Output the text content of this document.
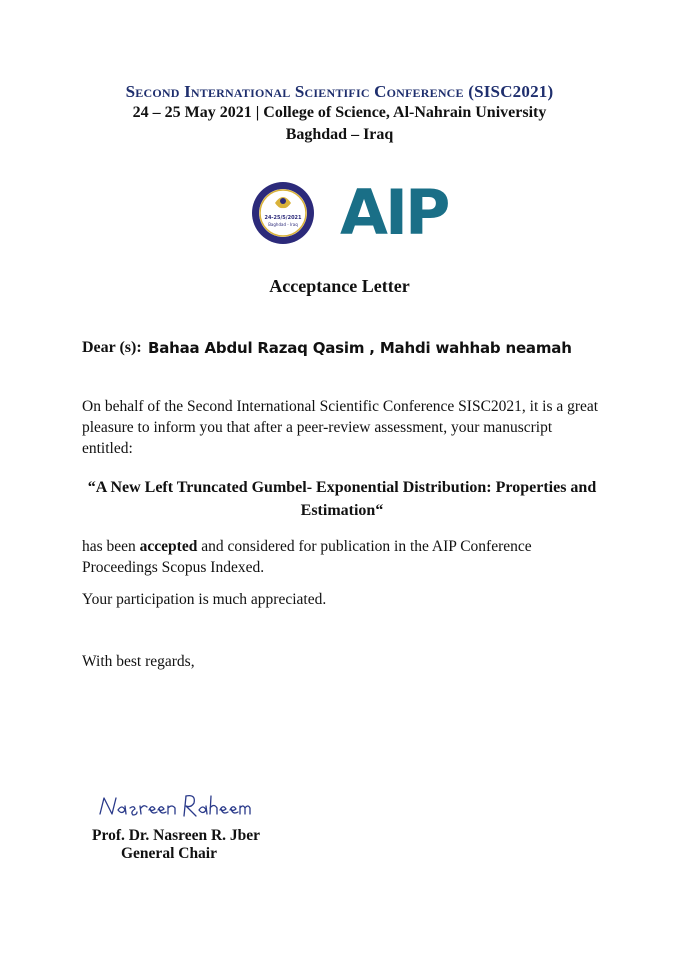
Second International Scientific Conference (SISC2021)
24 – 25 May 2021 | College of Science, Al-Nahrain University
Baghdad – Iraq
24-25/5/2021
Baghdad - Iraq AIP
Acceptance Letter
Dear (s): Bahaa Abdul Razaq Qasim , Mahdi wahhab neamah
On behalf of the Second International Scientific Conference SISC2021, it is a great pleasure to inform you that after a peer-review assessment, your manuscript entitled:
“A New Left Truncated Gumbel- Exponential Distribution: Properties and Estimation“
has been accepted and considered for publication in the AIP Conference Proceedings Scopus Indexed.
Your participation is much appreciated.
With best regards,
Prof. Dr. Nasreen R. Jber
General Chair
